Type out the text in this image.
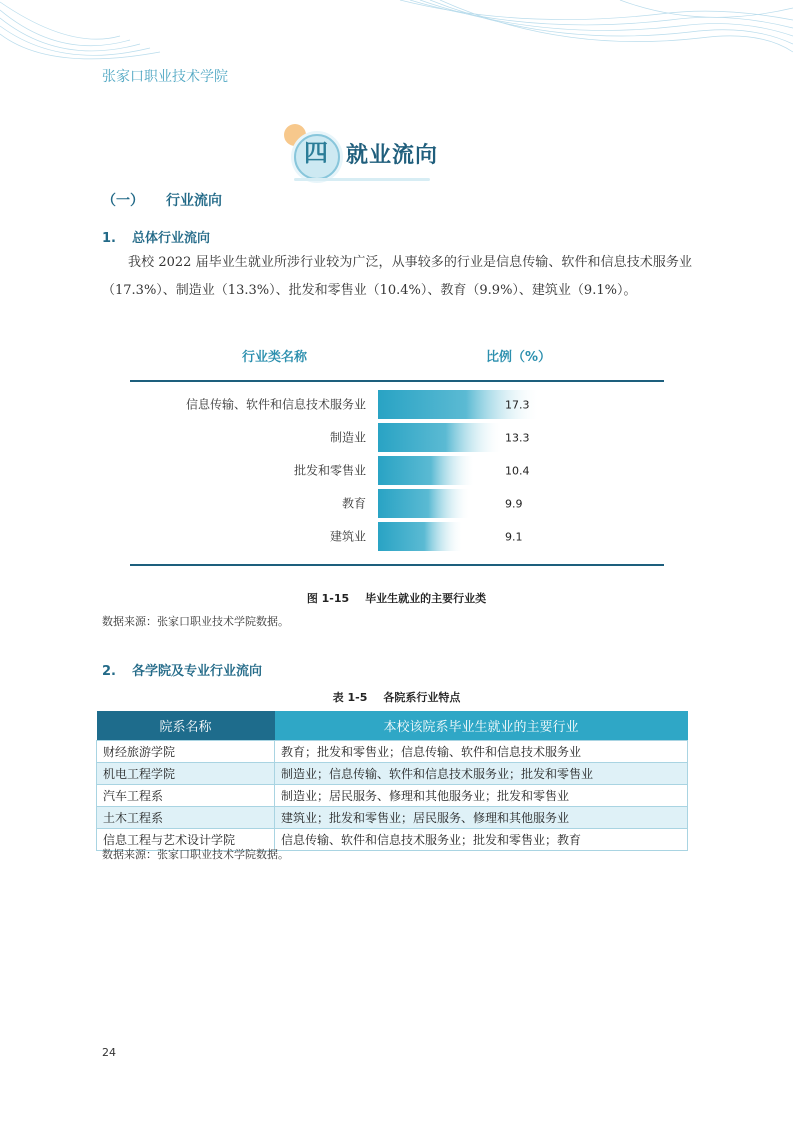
张家口职业技术学院
四 就业流向
（一） 行业流向
1. 总体行业流向
我校 2022 届毕业生就业所涉行业较为广泛，从事较多的行业是信息传输、软件和信息技术服务业（17.3%）、制造业（13.3%）、批发和零售业（10.4%）、教育（9.9%）、建筑业（9.1%）。
行业类名称	比例（%）
信息传输、软件和信息技术服务业	17.3
制造业	13.3
批发和零售业	10.4
教育	9.9
建筑业	9.1
图 1-15 毕业生就业的主要行业类
数据来源：张家口职业技术学院数据。
2. 各学院及专业行业流向
表 1-5 各院系行业特点
院系名称	本校该院系毕业生就业的主要行业
财经旅游学院	教育；批发和零售业；信息传输、软件和信息技术服务业
机电工程学院	制造业；信息传输、软件和信息技术服务业；批发和零售业
汽车工程系	制造业；居民服务、修理和其他服务业；批发和零售业
土木工程系	建筑业；批发和零售业；居民服务、修理和其他服务业
信息工程与艺术设计学院	信息传输、软件和信息技术服务业；批发和零售业；教育
数据来源：张家口职业技术学院数据。
24
